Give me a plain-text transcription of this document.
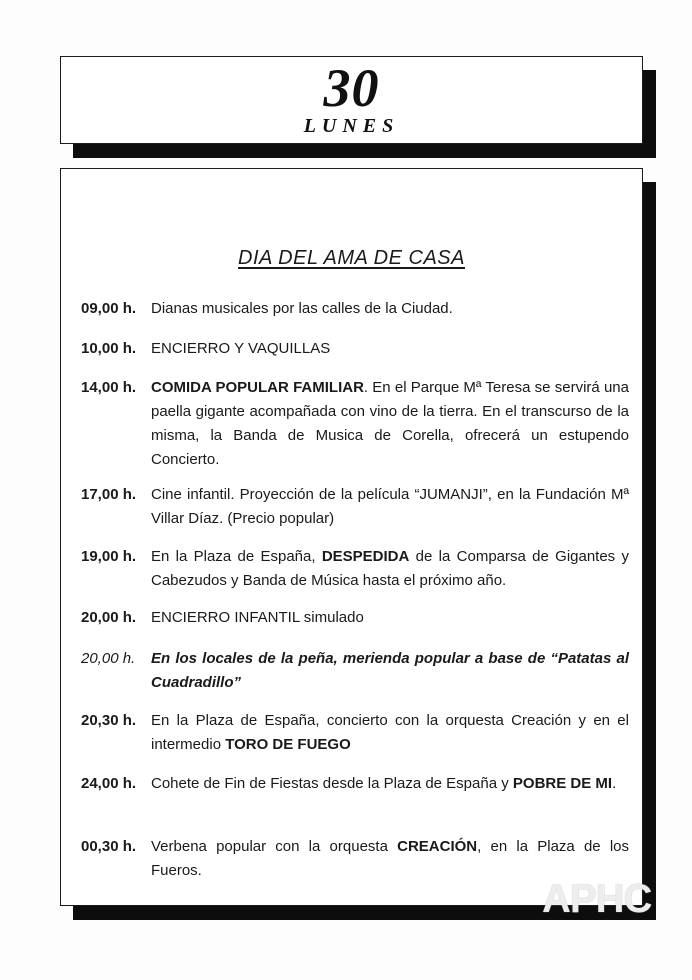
30
LUNES
DIA DEL AMA DE CASA
09,00 h. Dianas musicales por las calles de la Ciudad.
10,00 h. ENCIERRO Y VAQUILLAS
14,00 h. COMIDA POPULAR FAMILIAR. En el Parque Mª Teresa se servirá una paella gigante acompañada con vino de la tierra. En el transcurso de la misma, la Banda de Musica de Corella, ofrecerá un estupendo Concierto.
17,00 h. Cine infantil. Proyección de la película “JUMANJI”, en la Fundación Mª Villar Díaz. (Precio popular)
19,00 h. En la Plaza de España, DESPEDIDA de la Comparsa de Gigantes y Cabezudos y Banda de Música hasta el próximo año.
20,00 h. ENCIERRO INFANTIL simulado
20,00 h. En los locales de la peña, merienda popular a base de “Patatas al Cuadradillo”
20,30 h. En la Plaza de España, concierto con la orquesta Creación y en el intermedio TORO DE FUEGO
24,00 h. Cohete de Fin de Fiestas desde la Plaza de España y POBRE DE MI.
00,30 h. Verbena popular con la orquesta CREACIÓN, en la Plaza de los Fueros.
APHC
